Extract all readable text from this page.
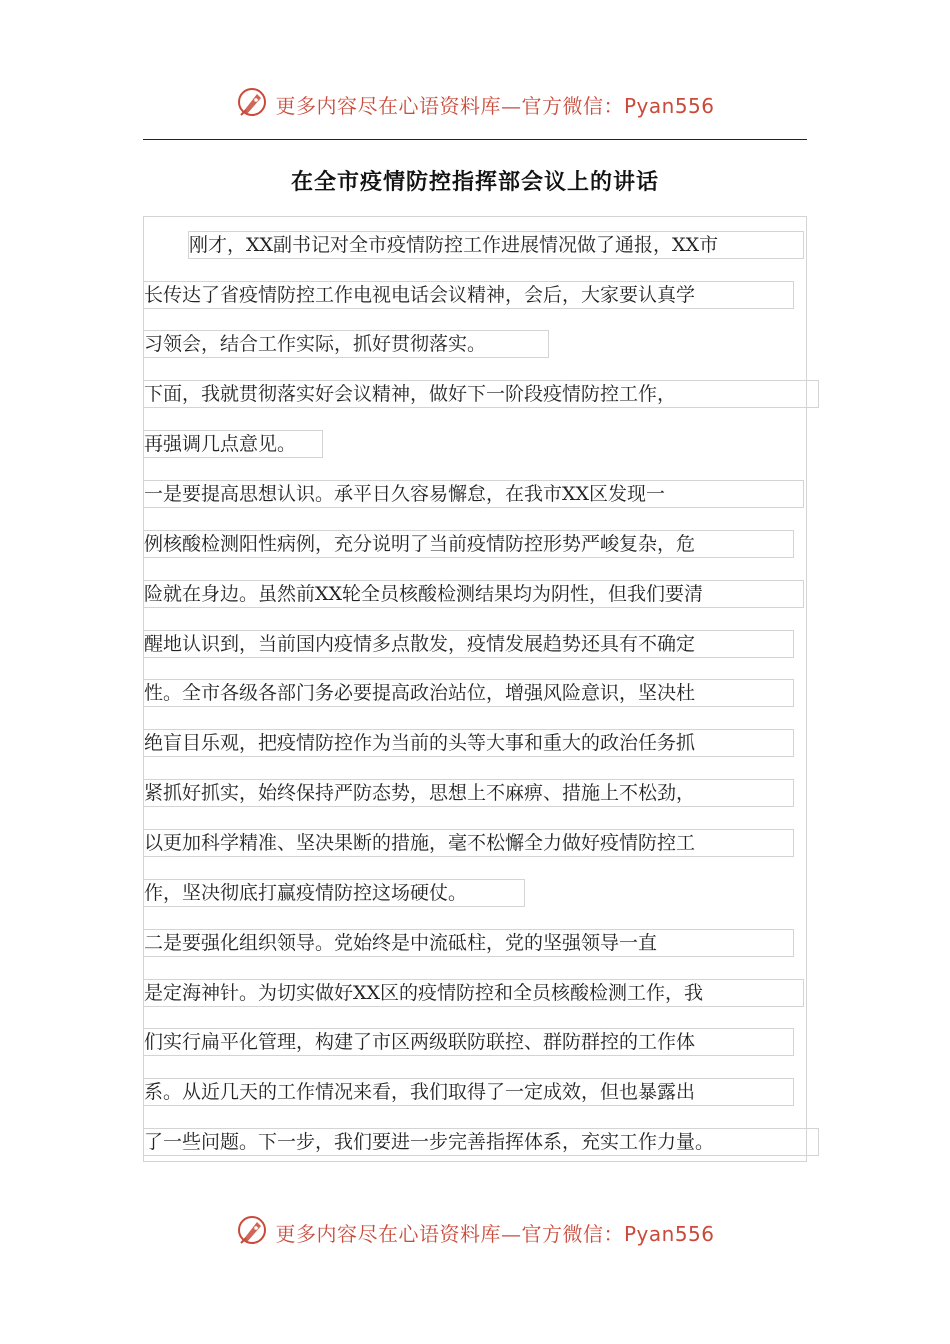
更多内容尽在心语资料库—官方微信：Pyan556
在全市疫情防控指挥部会议上的讲话
刚才，XX副书记对全市疫情防控工作进展情况做了通报，XX市
长传达了省疫情防控工作电视电话会议精神，会后，大家要认真学
习领会，结合工作实际，抓好贯彻落实。
下面，我就贯彻落实好会议精神，做好下一阶段疫情防控工作，
再强调几点意见。
一是要提高思想认识。承平日久容易懈怠，在我市XX区发现一
例核酸检测阳性病例，充分说明了当前疫情防控形势严峻复杂，危
险就在身边。虽然前XX轮全员核酸检测结果均为阴性，但我们要清
醒地认识到，当前国内疫情多点散发，疫情发展趋势还具有不确定
性。全市各级各部门务必要提高政治站位，增强风险意识，坚决杜
绝盲目乐观，把疫情防控作为当前的头等大事和重大的政治任务抓
紧抓好抓实，始终保持严防态势，思想上不麻痹、措施上不松劲，
以更加科学精准、坚决果断的措施，毫不松懈全力做好疫情防控工
作，坚决彻底打赢疫情防控这场硬仗。
二是要强化组织领导。党始终是中流砥柱，党的坚强领导一直
是定海神针。为切实做好XX区的疫情防控和全员核酸检测工作，我
们实行扁平化管理，构建了市区两级联防联控、群防群控的工作体
系。从近几天的工作情况来看，我们取得了一定成效，但也暴露出
了一些问题。下一步，我们要进一步完善指挥体系，充实工作力量。
更多内容尽在心语资料库—官方微信：Pyan556
